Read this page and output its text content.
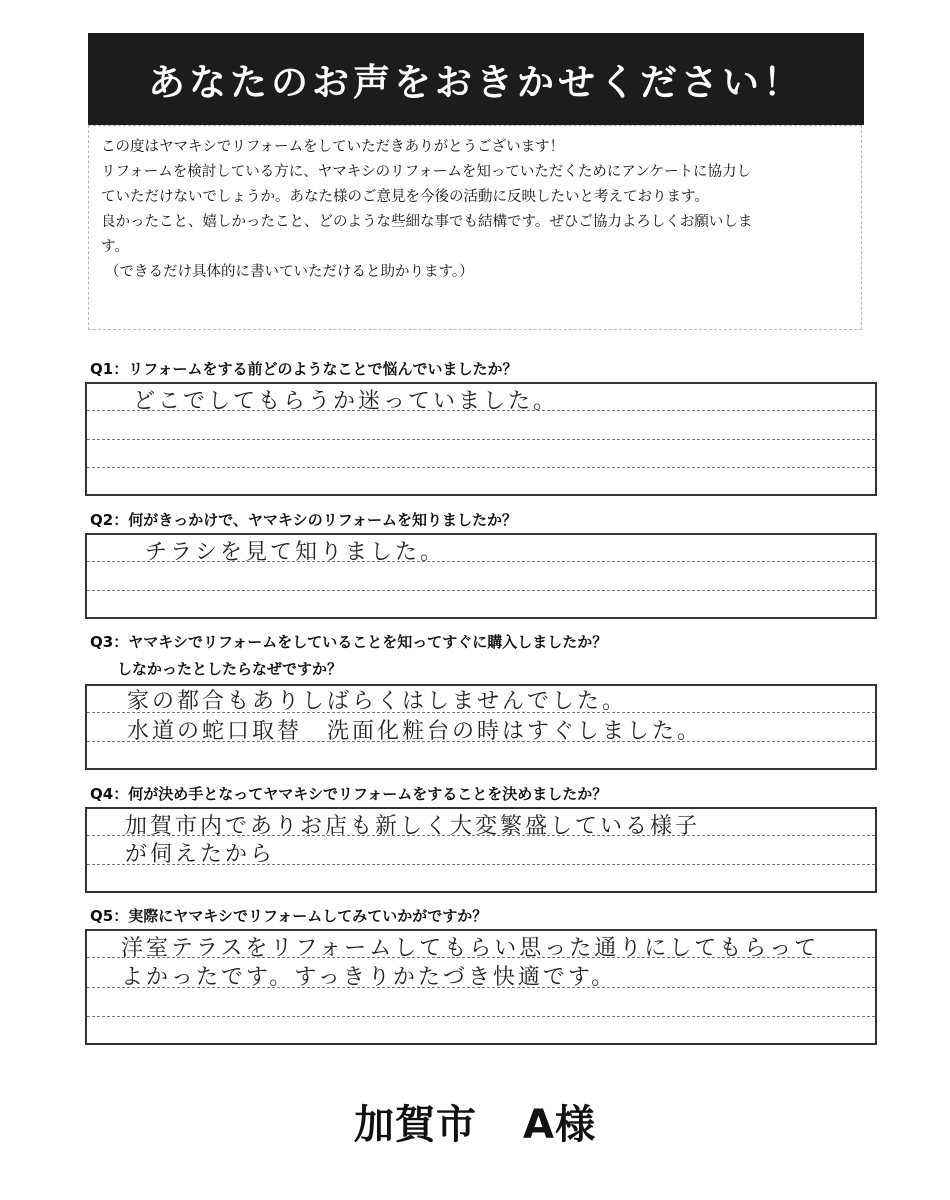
あなたのお声をおきかせください！

この度はヤマキシでリフォームをしていただきありがとうございます！

リフォームを検討している方に、ヤマキシのリフォームを知っていただくためにアンケートに協力し

ていただけないでしょうか。あなた様のご意見を今後の活動に反映したいと考えております。

良かったこと、嬉しかったこと、どのような些細な事でも結構です。ぜひご協力よろしくお願いしま

す。

（できるだけ具体的に書いていただけると助かります。）

Q1：リフォームをする前どのようなことで悩んでいましたか？
どこでしてもらうか迷っていました。
Q2：何がきっかけで、ヤマキシのリフォームを知りましたか？
チラシを見て知りました。
Q3：ヤマキシでリフォームをしていることを知ってすぐに購入しましたか？
しなかったとしたらなぜですか？
家の都合もありしばらくはしませんでした。
水道の蛇口取替　洗面化粧台の時はすぐしました。
Q4：何が決め手となってヤマキシでリフォームをすることを決めましたか？
加賀市内でありお店も新しく大変繁盛している様子
が伺えたから
Q5：実際にヤマキシでリフォームしてみていかがですか？
洋室テラスをリフォームしてもらい思った通りにしてもらって
よかったです。すっきりかたづき快適です。
加賀市 A様
